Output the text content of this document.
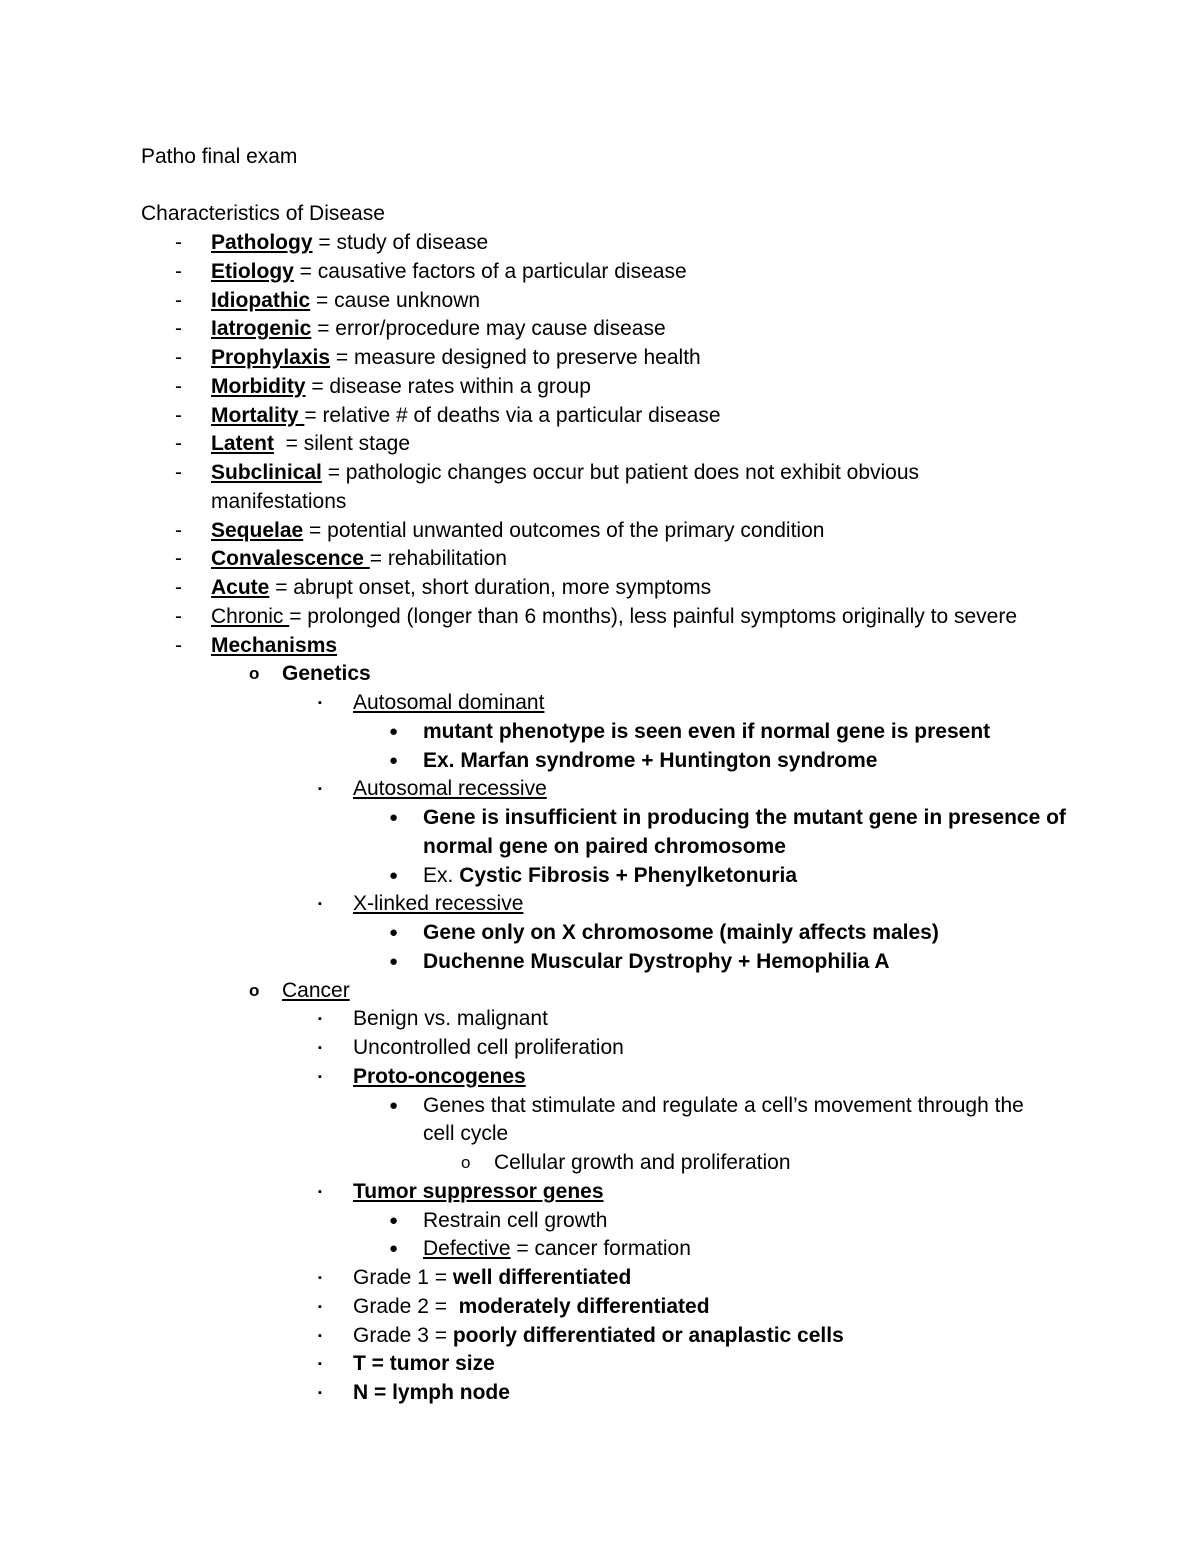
Patho final exam
Characteristics of Disease
- Pathology = study of disease
- Etiology = causative factors of a particular disease
- Idiopathic = cause unknown
- Iatrogenic = error/procedure may cause disease
- Prophylaxis = measure designed to preserve health
- Morbidity = disease rates within a group
- Mortality = relative # of deaths via a particular disease
- Latent  = silent stage
- Subclinical = pathologic changes occur but patient does not exhibit obvious
manifestations
- Sequelae = potential unwanted outcomes of the primary condition
- Convalescence = rehabilitation
- Acute = abrupt onset, short duration, more symptoms
- Chronic = prolonged (longer than 6 months), less painful symptoms originally to severe
- Mechanisms
o Genetics
▪ Autosomal dominant
● mutant phenotype is seen even if normal gene is present
● Ex. Marfan syndrome + Huntington syndrome
▪ Autosomal recessive
● Gene is insufficient in producing the mutant gene in presence of
normal gene on paired chromosome
● Ex. Cystic Fibrosis + Phenylketonuria
▪ X-linked recessive
● Gene only on X chromosome (mainly affects males)
● Duchenne Muscular Dystrophy + Hemophilia A
o Cancer
▪ Benign vs. malignant
▪ Uncontrolled cell proliferation
▪ Proto-oncogenes
● Genes that stimulate and regulate a cell’s movement through the
cell cycle
o Cellular growth and proliferation
▪ Tumor suppressor genes
● Restrain cell growth
● Defective = cancer formation
▪ Grade 1 = well differentiated
▪ Grade 2 =  moderately differentiated
▪ Grade 3 = poorly differentiated or anaplastic cells
▪ T = tumor size
▪ N = lymph node
